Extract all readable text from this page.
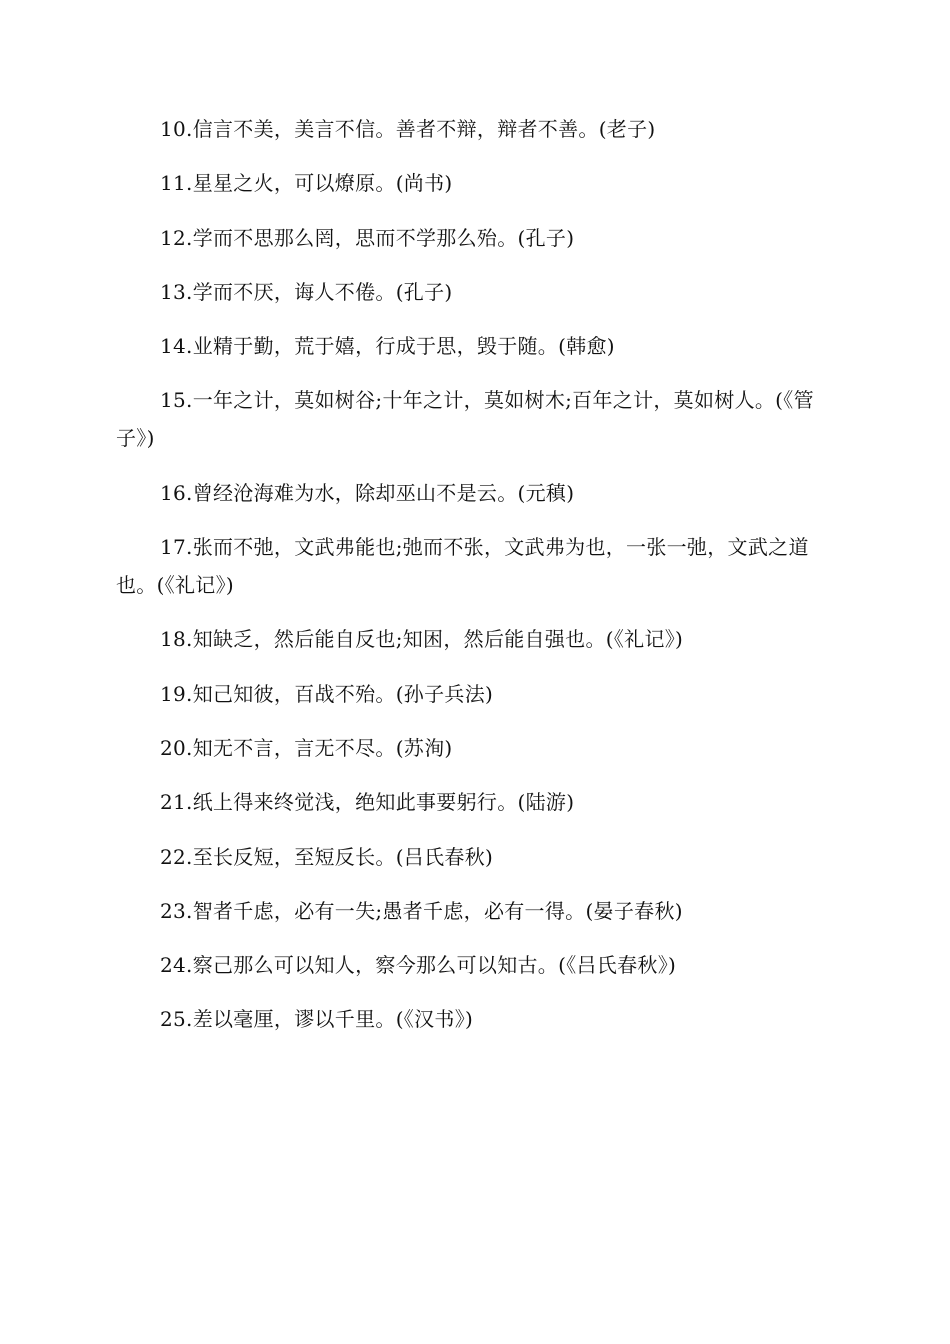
10.信言不美，美言不信。善者不辩，辩者不善。(老子)

11.星星之火，可以燎原。(尚书)

12.学而不思那么罔，思而不学那么殆。(孔子)

13.学而不厌，诲人不倦。(孔子)

14.业精于勤，荒于嬉，行成于思，毁于随。(韩愈)

15.一年之计，莫如树谷;十年之计，莫如树木;百年之计，莫如树人。(《管子》)

16.曾经沧海难为水，除却巫山不是云。(元稹)

17.张而不弛，文武弗能也;弛而不张，文武弗为也，一张一弛，文武之道也。(《礼记》)

18.知缺乏，然后能自反也;知困，然后能自强也。(《礼记》)

19.知己知彼，百战不殆。(孙子兵法)

20.知无不言，言无不尽。(苏洵)

21.纸上得来终觉浅，绝知此事要躬行。(陆游)

22.至长反短，至短反长。(吕氏春秋)

23.智者千虑，必有一失;愚者千虑，必有一得。(晏子春秋)

24.察己那么可以知人，察今那么可以知古。(《吕氏春秋》)

25.差以毫厘，谬以千里。(《汉书》)
